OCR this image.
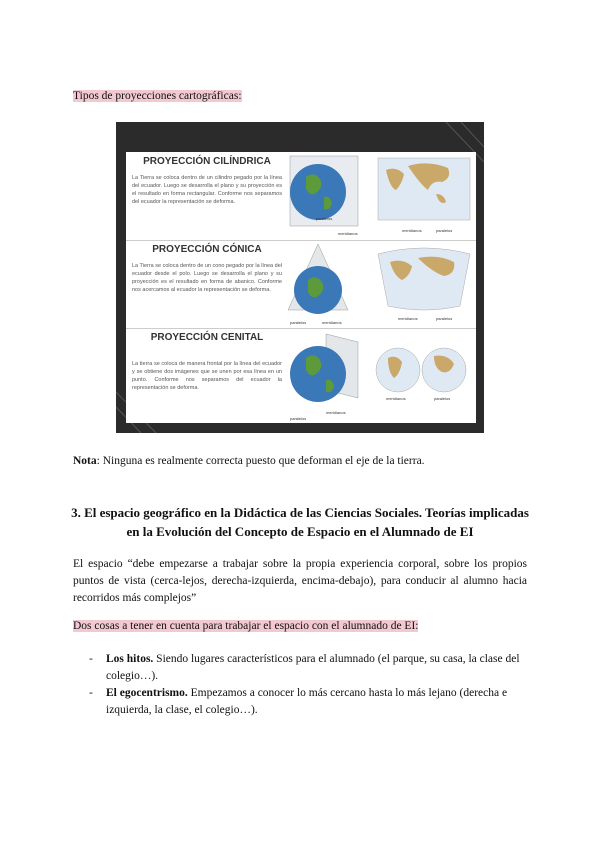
Tipos de proyecciones cartográficas:
PROYECCIÓN CILÍNDRICA
La Tierra se coloca dentro de un cilindro pegado por la línea del ecuador. Luego se desarrolla el plano y su proyección es el resultado en forma rectangular. Conforme nos separamos del ecuador la representación se deforma.
meridianos
paralelos
meridianos	paralelos
PROYECCIÓN CÓNICA
La Tierra se coloca dentro de un cono pegado por la línea del ecuador desde el polo. Luego se desarrolla el plano y su proyección es el resultado en forma de abanico. Conforme nos acercamos al ecuador la representación se deforma.
paralelos	meridianos
meridianos	paralelos
PROYECCIÓN CENITAL
La tierra se coloca de manera frontal por la línea del ecuador y se obtiene dos imágenes que se unen por esa línea en un punto. Conforme nos separamos del ecuador la representación se deforma.
paralelos
meridianos
meridianos	paralelos
Nota: Ninguna es realmente correcta puesto que deforman el eje de la tierra.
3. El espacio geográfico en la Didáctica de las Ciencias Sociales. Teorías implicadas en la Evolución del Concepto de Espacio en el Alumnado de EI
El espacio “debe empezarse a trabajar sobre la propia experiencia corporal, sobre los propios puntos de vista (cerca-lejos, derecha-izquierda, encima-debajo), para conducir al alumno hacia recorridos más complejos”
Dos cosas a tener en cuenta para trabajar el espacio con el alumnado de EI:
- Los hitos. Siendo lugares característicos para el alumnado (el parque, su casa, la clase del colegio…).
- El egocentrismo. Empezamos a conocer lo más cercano hasta lo más lejano (derecha e izquierda, la clase, el colegio…).
